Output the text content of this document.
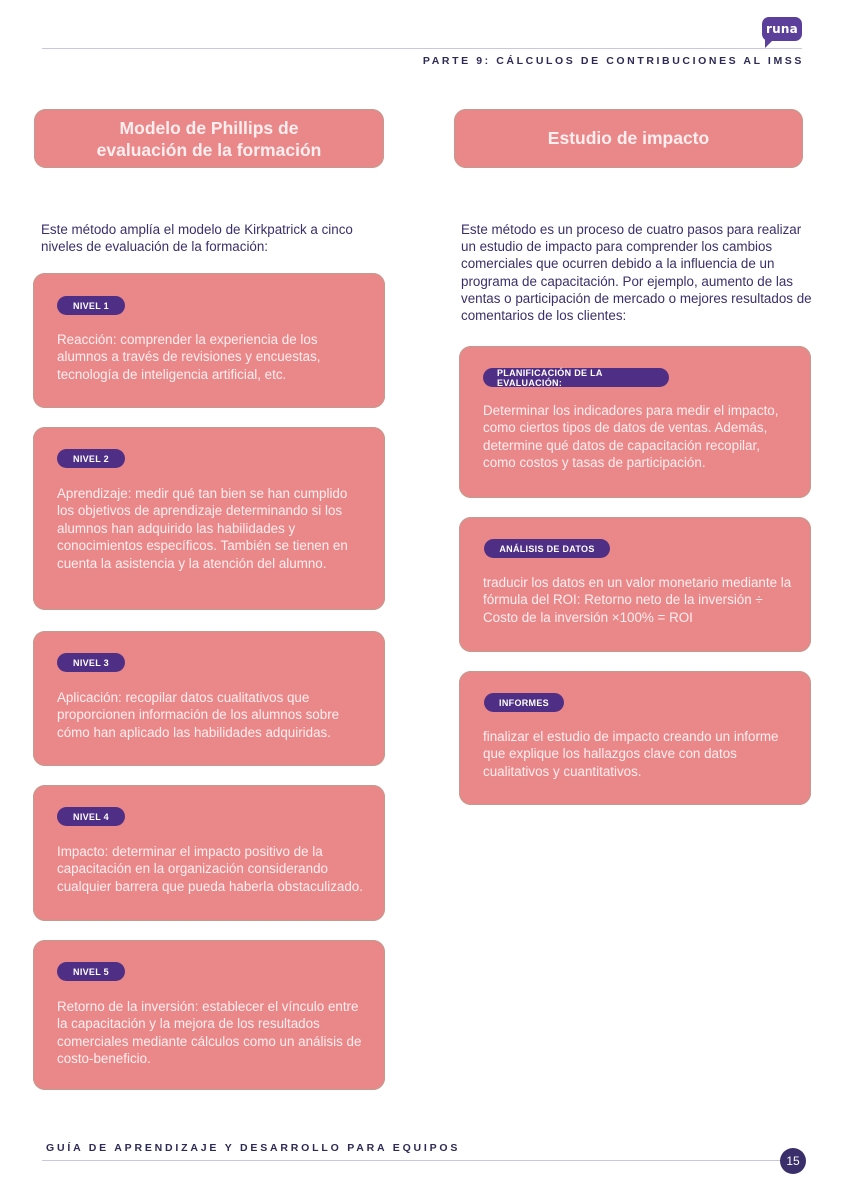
runa
PARTE 9: CÁLCULOS DE CONTRIBUCIONES AL IMSS
Modelo de Phillips de
evaluación de la formación
Estudio de impacto

Este método amplía el modelo de Kirkpatrick a cinco niveles de evaluación de la formación:

Este método es un proceso de cuatro pasos para realizar un estudio de impacto para comprender los cambios comerciales que ocurren debido a la influencia de un programa de capacitación. Por ejemplo, aumento de las ventas o participación de mercado o mejores resultados de comentarios de los clientes:

NIVEL 1

Reacción: comprender la experiencia de los alumnos a través de revisiones y encuestas, tecnología de inteligencia artificial, etc.

NIVEL 2

Aprendizaje: medir qué tan bien se han cumplido los objetivos de aprendizaje determinando si los alumnos han adquirido las habilidades y conocimientos específicos. También se tienen en cuenta la asistencia y la atención del alumno.

NIVEL 3

Aplicación: recopilar datos cualitativos que proporcionen información de los alumnos sobre cómo han aplicado las habilidades adquiridas.

NIVEL 4

Impacto: determinar el impacto positivo de la capacitación en la organización considerando cualquier barrera que pueda haberla obstaculizado.

NIVEL 5

Retorno de la inversión: establecer el vínculo entre la capacitación y la mejora de los resultados comerciales mediante cálculos como un análisis de costo-beneficio.

PLANIFICACIÓN DE LA EVALUACIÓN:

Determinar los indicadores para medir el impacto, como ciertos tipos de datos de ventas. Además, determine qué datos de capacitación recopilar, como costos y tasas de participación.

ANÁLISIS DE DATOS

traducir los datos en un valor monetario mediante la fórmula del ROI: Retorno neto de la inversión ÷ Costo de la inversión ×100% = ROI

INFORMES

finalizar el estudio de impacto creando un informe que explique los hallazgos clave con datos cualitativos y cuantitativos.

GUÍA DE APRENDIZAJE Y DESARROLLO PARA EQUIPOS
15
